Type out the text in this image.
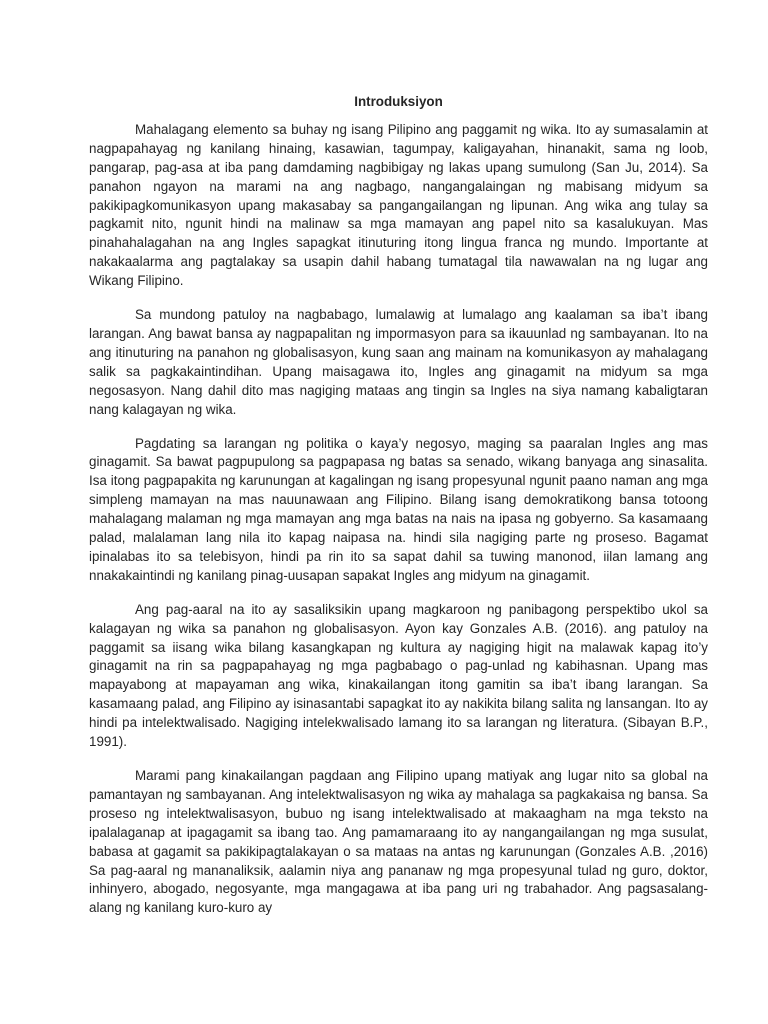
Introduksiyon

Mahalagang elemento sa buhay ng isang Pilipino ang paggamit ng wika. Ito ay sumasalamin at nagpapahayag ng kanilang hinaing, kasawian, tagumpay, kaligayahan, hinanakit, sama ng loob, pangarap, pag-asa at iba pang damdaming nagbibigay ng lakas upang sumulong (San Ju, 2014). Sa panahon ngayon na marami na ang nagbago, nangangalaingan ng mabisang midyum sa pakikipagkomunikasyon upang makasabay sa pangangailangan ng lipunan. Ang wika ang tulay sa pagkamit nito, ngunit hindi na malinaw sa mga mamayan ang papel nito sa kasalukuyan. Mas pinahahalagahan na ang Ingles sapagkat itinuturing itong lingua franca ng mundo. Importante at nakakaalarma ang pagtalakay sa usapin dahil habang tumatagal tila nawawalan na ng lugar ang Wikang Filipino.

Sa mundong patuloy na nagbabago, lumalawig at lumalago ang kaalaman sa iba’t ibang larangan. Ang bawat bansa ay nagpapalitan ng impormasyon para sa ikauunlad ng sambayanan. Ito na ang itinuturing na panahon ng globalisasyon, kung saan ang mainam na komunikasyon ay mahalagang salik sa pagkakaintindihan. Upang maisagawa ito, Ingles ang ginagamit na midyum sa mga negosasyon. Nang dahil dito mas nagiging mataas ang tingin sa Ingles na siya namang kabaligtaran nang kalagayan ng wika.

Pagdating sa larangan ng politika o kaya’y negosyo, maging sa paaralan Ingles ang mas ginagamit. Sa bawat pagpupulong sa pagpapasa ng batas sa senado, wikang banyaga ang sinasalita. Isa itong pagpapakita ng karunungan at kagalingan ng isang propesyunal ngunit paano naman ang mga simpleng mamayan na mas nauunawaan ang Filipino. Bilang isang demokratikong bansa totoong mahalagang malaman ng mga mamayan ang mga batas na nais na ipasa ng gobyerno. Sa kasamaang palad, malalaman lang nila ito kapag naipasa na. hindi sila nagiging parte ng proseso. Bagamat ipinalabas ito sa telebisyon, hindi pa rin ito sa sapat dahil sa tuwing manonod, iilan lamang ang nnakakaintindi ng kanilang pinag-uusapan sapakat Ingles ang midyum na ginagamit.

Ang pag-aaral na ito ay sasaliksikin upang magkaroon ng panibagong perspektibo ukol sa kalagayan ng wika sa panahon ng globalisasyon. Ayon kay Gonzales A.B. (2016). ang patuloy na paggamit sa iisang wika bilang kasangkapan ng kultura ay nagiging higit na malawak kapag ito’y ginagamit na rin sa pagpapahayag ng mga pagbabago o pag-unlad ng kabihasnan. Upang mas mapayabong at mapayaman ang wika, kinakailangan itong gamitin sa iba’t ibang larangan. Sa kasamaang palad, ang Filipino ay isinasantabi sapagkat ito ay nakikita bilang salita ng lansangan. Ito ay hindi pa intelektwalisado. Nagiging intelekwalisado lamang ito sa larangan ng literatura. (Sibayan B.P., 1991).

Marami pang kinakailangan pagdaan ang Filipino upang matiyak ang lugar nito sa global na pamantayan ng sambayanan. Ang intelektwalisasyon ng wika ay mahalaga sa pagkakaisa ng bansa. Sa proseso ng intelektwalisasyon, bubuo ng isang intelektwalisado at makaagham na mga teksto na ipalalaganap at ipagagamit sa ibang tao. Ang pamamaraang ito ay nangangailangan ng mga susulat, babasa at gagamit sa pakikipagtalakayan o sa mataas na antas ng karunungan (Gonzales A.B. ,2016) Sa pag-aaral ng mananaliksik, aalamin niya ang pananaw ng mga propesyunal tulad ng guro, doktor, inhinyero, abogado, negosyante, mga mangagawa at iba pang uri ng trabahador. Ang pagsasalang-alang ng kanilang kuro-kuro ay
